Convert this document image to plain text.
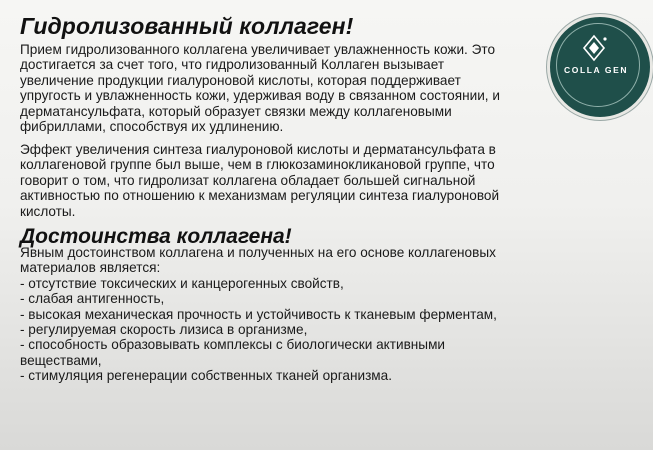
Гидролизованный коллаген!

Прием гидролизованного коллагена увеличивает увлажненность кожи. Это
достигается за счет того, что гидролизованный Коллаген вызывает
увеличение продукции гиалуроновой кислоты, которая поддерживает
упругость и увлажненность кожи, удерживая воду в связанном состоянии, и
дерматансульфата, который образует связки между коллагеновыми
фибриллами, способствуя их удлинению.

Эффект увеличения синтеза гиалуроновой кислоты и дерматансульфата в
коллагеновой группе был выше, чем в глюкозаминокликановой группе, что
говорит о том, что гидролизат коллагена обладает большей сигнальной
активностью по отношению к механизмам регуляции синтеза гиалуроновой
кислоты.

Достоинства коллагена!

Явным достоинством коллагена и полученных на его основе коллагеновых
материалов является:
- отсутствие токсических и канцерогенных свойств,
- слабая антигенность,
- высокая механическая прочность и устойчивость к тканевым ферментам,
- регулируемая скорость лизиса в организме,
- способность образовывать комплексы с биологически активными
веществами,
- стимуляция регенерации собственных тканей организма.

COLLA GEN
